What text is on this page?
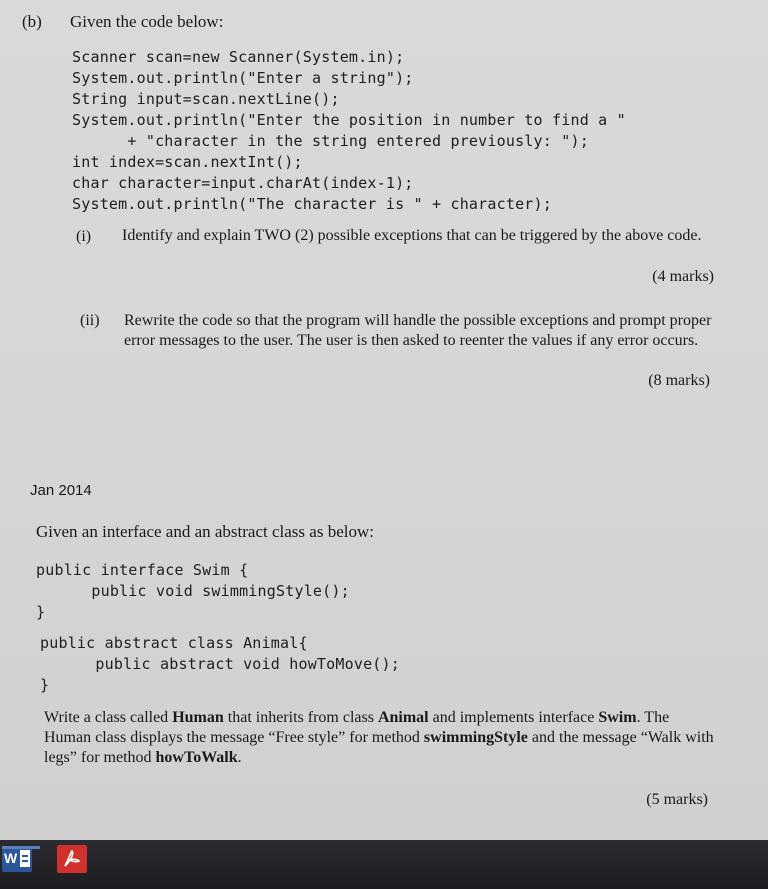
(b) Given the code below:
Scanner scan=new Scanner(System.in);
System.out.println("Enter a string");
String input=scan.nextLine();
System.out.println("Enter the position in number to find a "
+ "character in the string entered previously: ");
int index=scan.nextInt();
char character=input.charAt(index-1);
System.out.println("The character is " + character);
(i) Identify and explain TWO (2) possible exceptions that can be triggered by the above code.
(4 marks)
(ii) Rewrite the code so that the program will handle the possible exceptions and prompt proper error messages to the user. The user is then asked to reenter the values if any error occurs.
(8 marks)
Jan 2014
Given an interface and an abstract class as below:
public interface Swim {
public void swimmingStyle();
}
public abstract class Animal{
public abstract void howToMove();
}
Write a class called Human that inherits from class Animal and implements interface Swim. The Human class displays the message “Free style” for method swimmingStyle and the message “Walk with legs” for method howToWalk.
(5 marks)
W
